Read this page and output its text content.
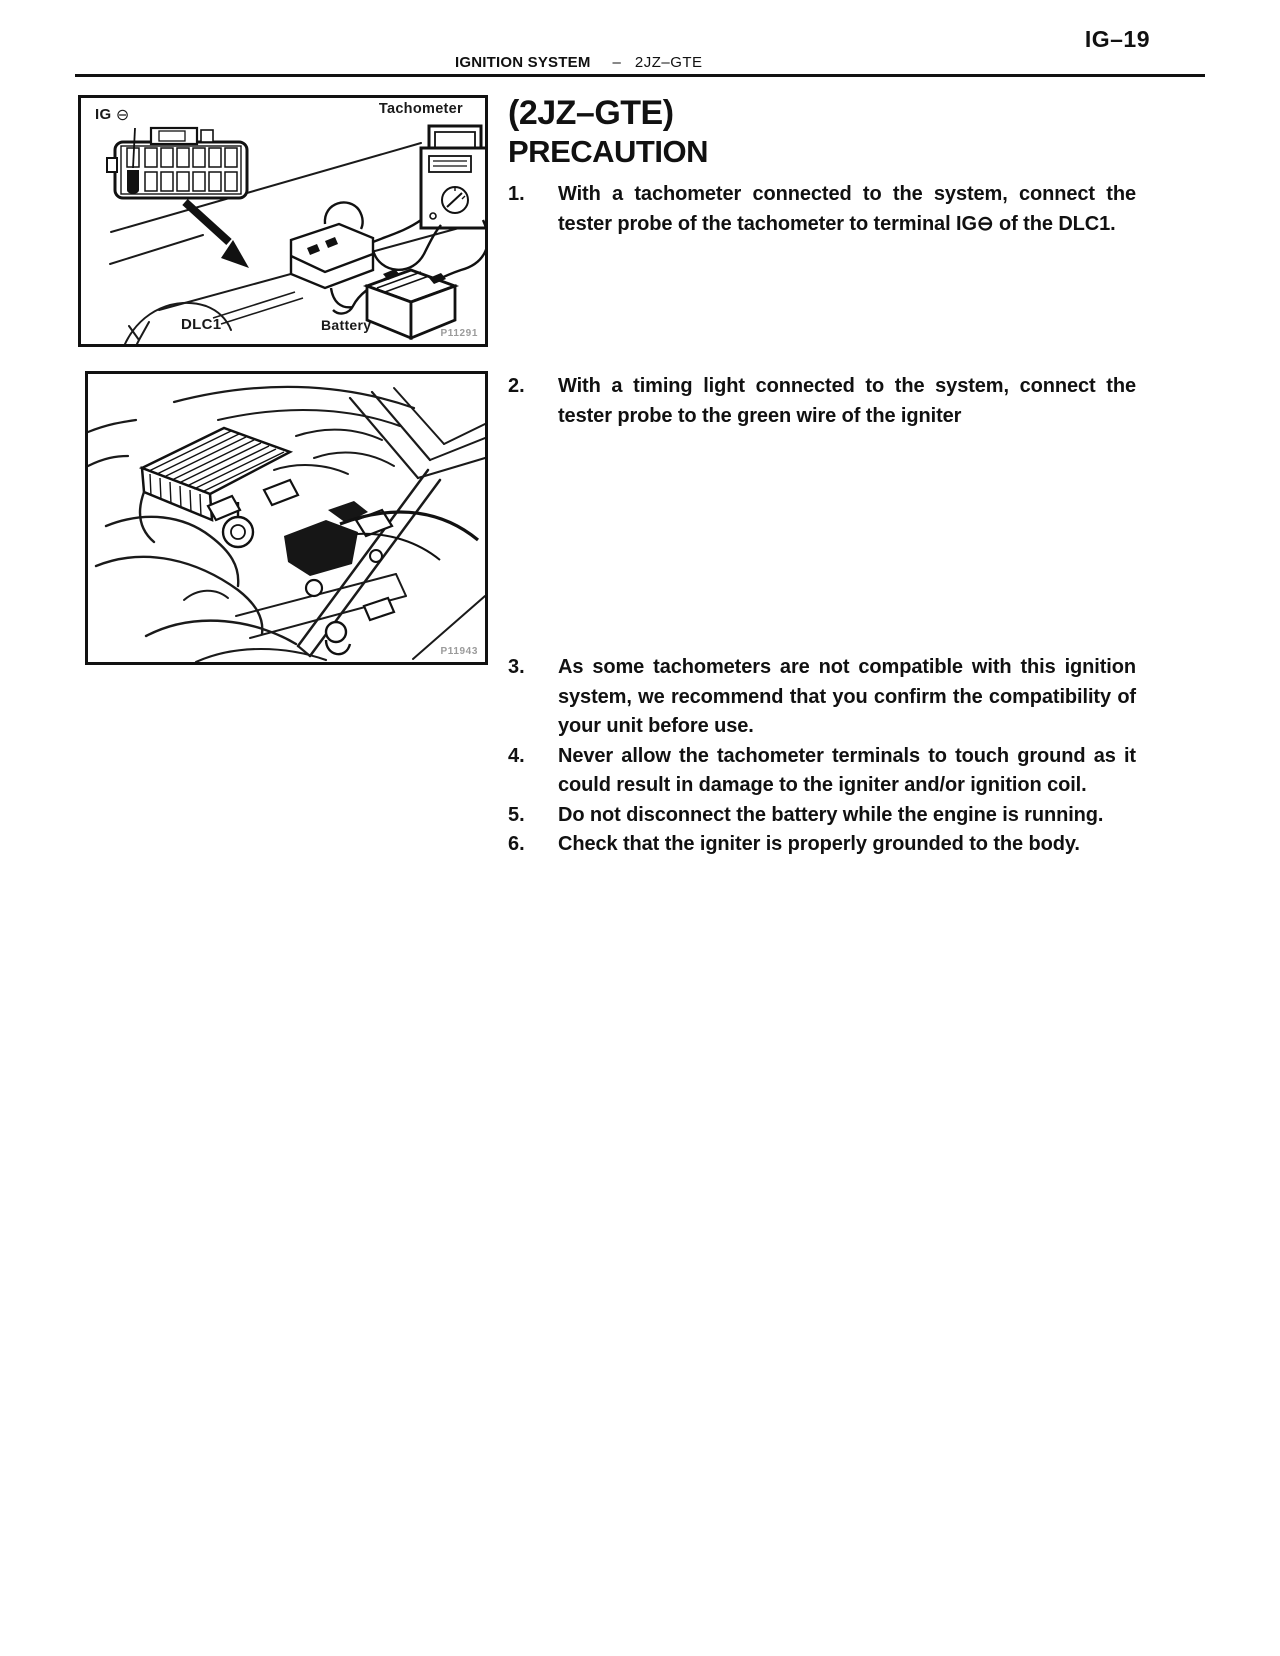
IG–19
IGNITION SYSTEM – 2JZ–GTE
IG ⊖	Tachometer
DLC1	Battery
P11291
P11943
(2JZ–GTE)
PRECAUTION
1.	With a tachometer connected to the system, connect the tester probe of the tachometer to terminal IG⊖ of the DLC1.
2.	With a timing light connected to the system, connect the tester probe to the green wire of the igniter
3.	As some tachometers are not compatible with this ignition system, we recommend that you confirm the compatibility of your unit before use.
4.	Never allow the tachometer terminals to touch ground as it could result in damage to the igniter and/or ignition coil.
5.	Do not disconnect the battery while the engine is running.
6.	Check that the igniter is properly grounded to the body.
